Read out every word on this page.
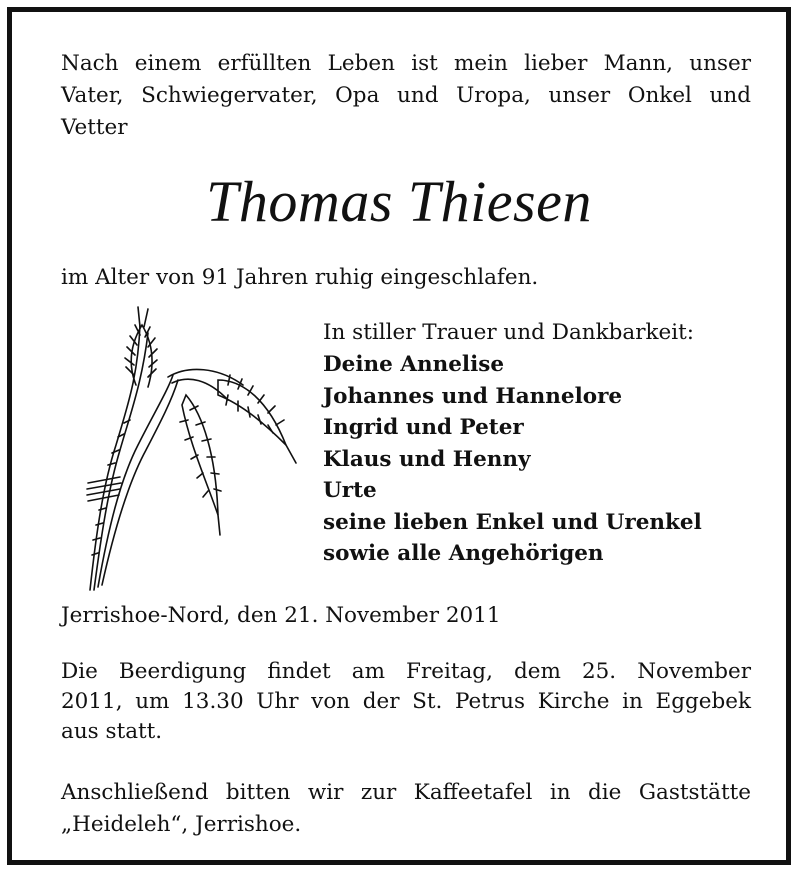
Nach einem erfüllten Leben ist mein lieber Mann, unser
Vater, Schwiegervater, Opa und Uropa, unser Onkel und
Vetter

Thomas Thiesen

im Alter von 91 Jahren ruhig eingeschlafen.

In stiller Trauer und Dankbarkeit:
Deine Annelise
Johannes und Hannelore
Ingrid und Peter
Klaus und Henny
Urte
seine lieben Enkel und Urenkel
sowie alle Angehörigen

Jerrishoe-Nord, den 21. November 2011

Die Beerdigung findet am Freitag, dem 25. November
2011, um 13.30 Uhr von der St. Petrus Kirche in Eggebek
aus statt.

Anschließend bitten wir zur Kaffeetafel in die Gaststätte
„Heideleh“, Jerrishoe.
